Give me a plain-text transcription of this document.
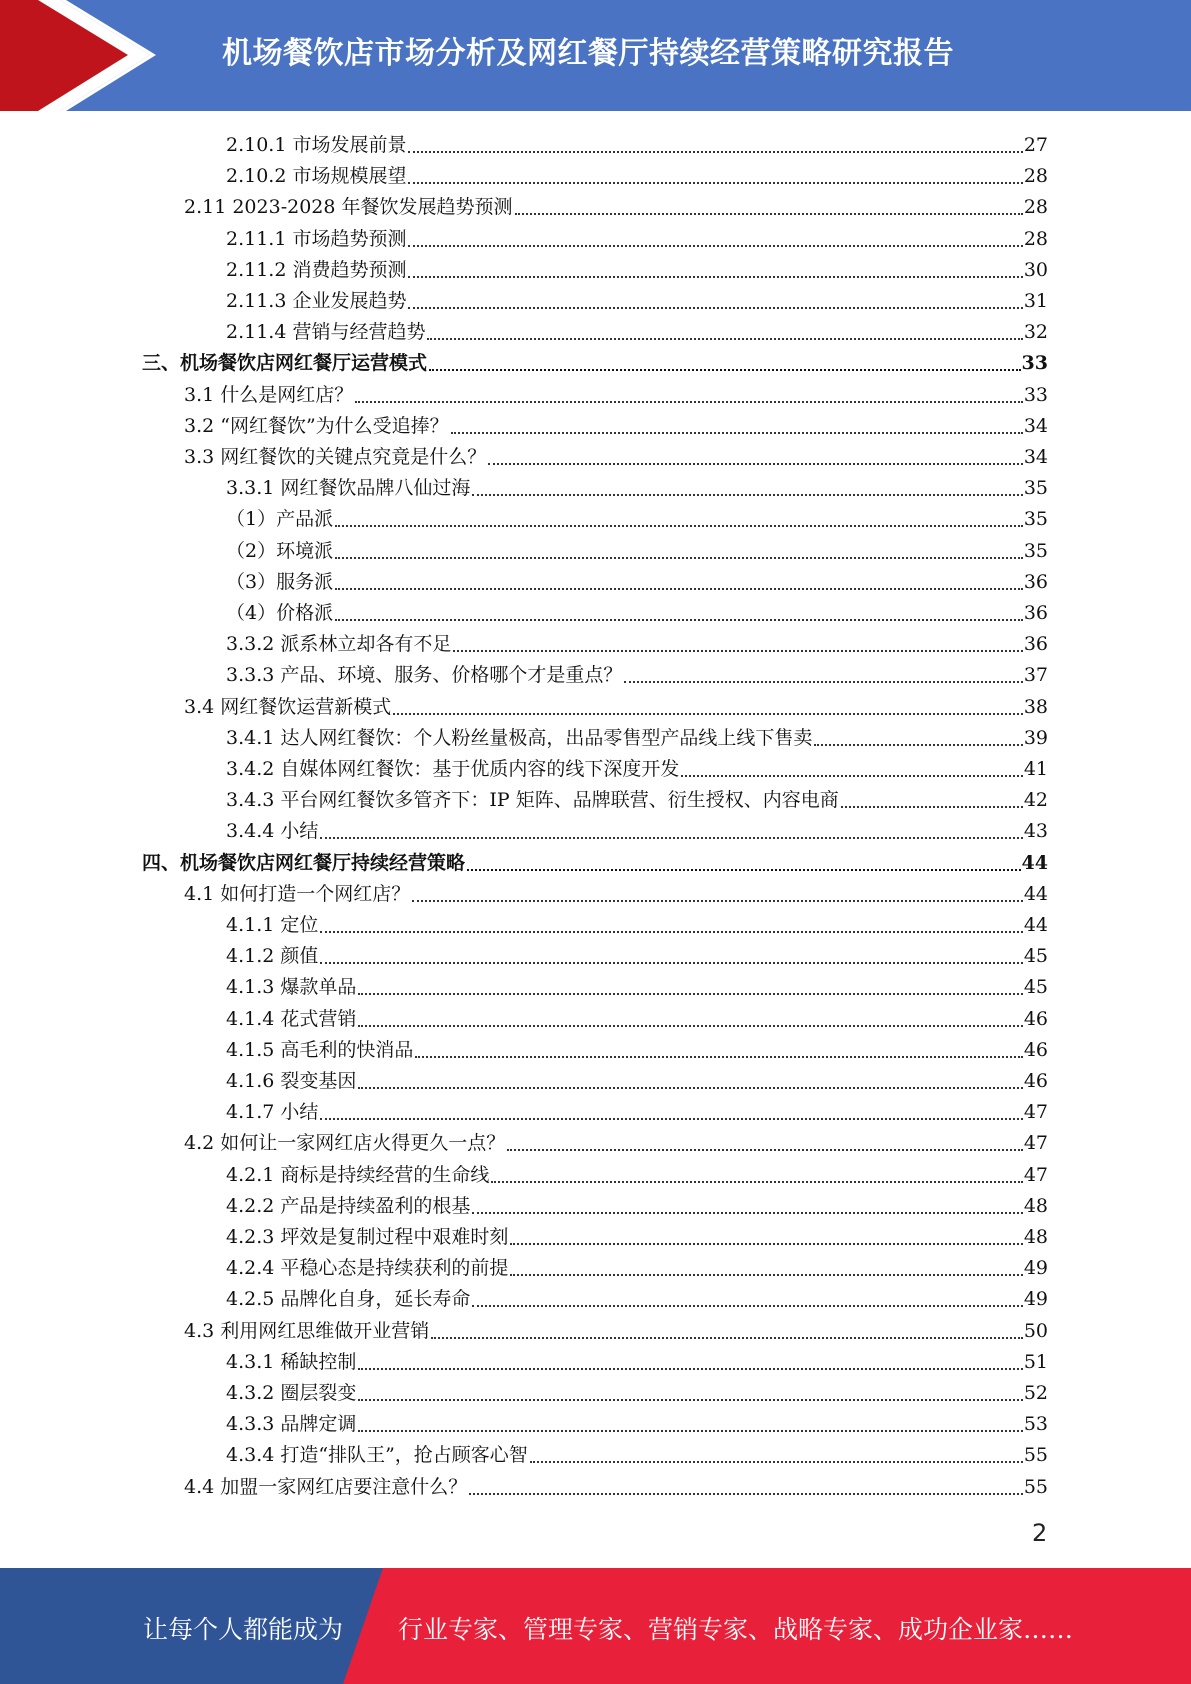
机场餐饮店市场分析及网红餐厅持续经营策略研究报告
2.10.1 市场发展前景	27
2.10.2 市场规模展望	28
2.11 2023-2028 年餐饮发展趋势预测	28
2.11.1 市场趋势预测	28
2.11.2 消费趋势预测	30
2.11.3 企业发展趋势	31
2.11.4 营销与经营趋势	32
三、机场餐饮店网红餐厅运营模式	33
3.1 什么是网红店？	33
3.2 “网红餐饮”为什么受追捧？	34
3.3 网红餐饮的关键点究竟是什么？	34
3.3.1 网红餐饮品牌八仙过海	35
（1）产品派	35
（2）环境派	35
（3）服务派	36
（4）价格派	36
3.3.2 派系林立却各有不足	36
3.3.3 产品、环境、服务、价格哪个才是重点？	37
3.4 网红餐饮运营新模式	38
3.4.1 达人网红餐饮：个人粉丝量极高，出品零售型产品线上线下售卖	39
3.4.2 自媒体网红餐饮：基于优质内容的线下深度开发	41
3.4.3 平台网红餐饮多管齐下：IP 矩阵、品牌联营、衍生授权、内容电商	42
3.4.4 小结	43
四、机场餐饮店网红餐厅持续经营策略	44
4.1 如何打造一个网红店？	44
4.1.1 定位	44
4.1.2 颜值	45
4.1.3 爆款单品	45
4.1.4 花式营销	46
4.1.5 高毛利的快消品	46
4.1.6 裂变基因	46
4.1.7 小结	47
4.2 如何让一家网红店火得更久一点？	47
4.2.1 商标是持续经营的生命线	47
4.2.2 产品是持续盈利的根基	48
4.2.3 坪效是复制过程中艰难时刻	48
4.2.4 平稳心态是持续获利的前提	49
4.2.5 品牌化自身，延长寿命	49
4.3 利用网红思维做开业营销	50
4.3.1 稀缺控制	51
4.3.2 圈层裂变	52
4.3.3 品牌定调	53
4.3.4 打造“排队王”，抢占顾客心智	55
4.4 加盟一家网红店要注意什么？	55
2
让每个人都能成为 行业专家、管理专家、营销专家、战略专家、成功企业家……
